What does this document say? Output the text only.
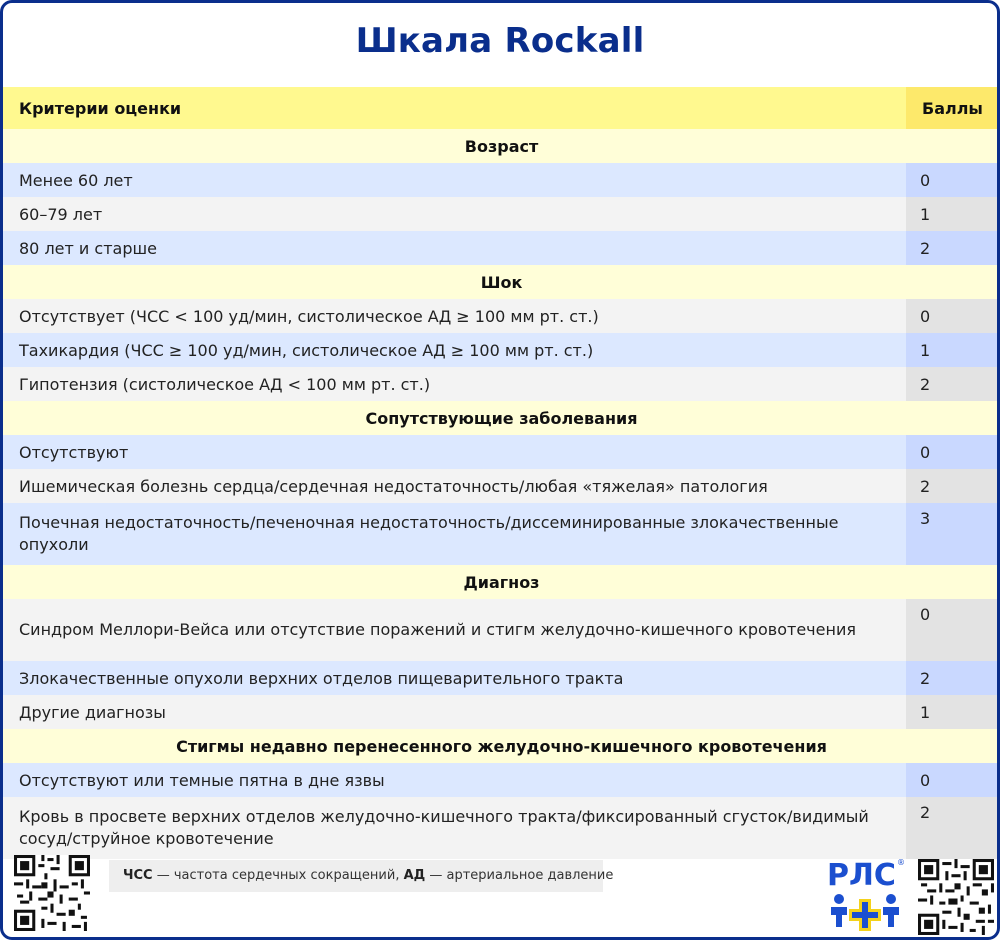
Шкала Rockall
Критерии оценки	Баллы
Возраст	
Менее 60 лет	0
60–79 лет	1
80 лет и старше	2
Шок	
Отсутствует (ЧСС < 100 уд/мин, систолическое АД ≥ 100 мм рт. ст.)	0
Тахикардия (ЧСС ≥ 100 уд/мин, систолическое АД ≥ 100 мм рт. ст.)	1
Гипотензия (систолическое АД < 100 мм рт. ст.)	2
Сопутствующие заболевания	
Отсутствуют	0
Ишемическая болезнь сердца/сердечная недостаточность/любая «тяжелая» патология	2
Почечная недостаточность/печеночная недостаточность/диссеминированные злокачественные опухоли	3
Диагноз	
Синдром Меллори-Вейса или отсутствие поражений и стигм желудочно-кишечного кровотечения	0
Злокачественные опухоли верхних отделов пищеварительного тракта	2
Другие диагнозы	1
Стигмы недавно перенесенного желудочно-кишечного кровотечения	
Отсутствуют или темные пятна в дне язвы	0
Кровь в просвете верхних отделов желудочно-кишечного тракта/фиксированный сгусток/видимый сосуд/струйное кровотечение	2
ЧСС — частота сердечных сокращений, АД — артериальное давление	РЛС ®
